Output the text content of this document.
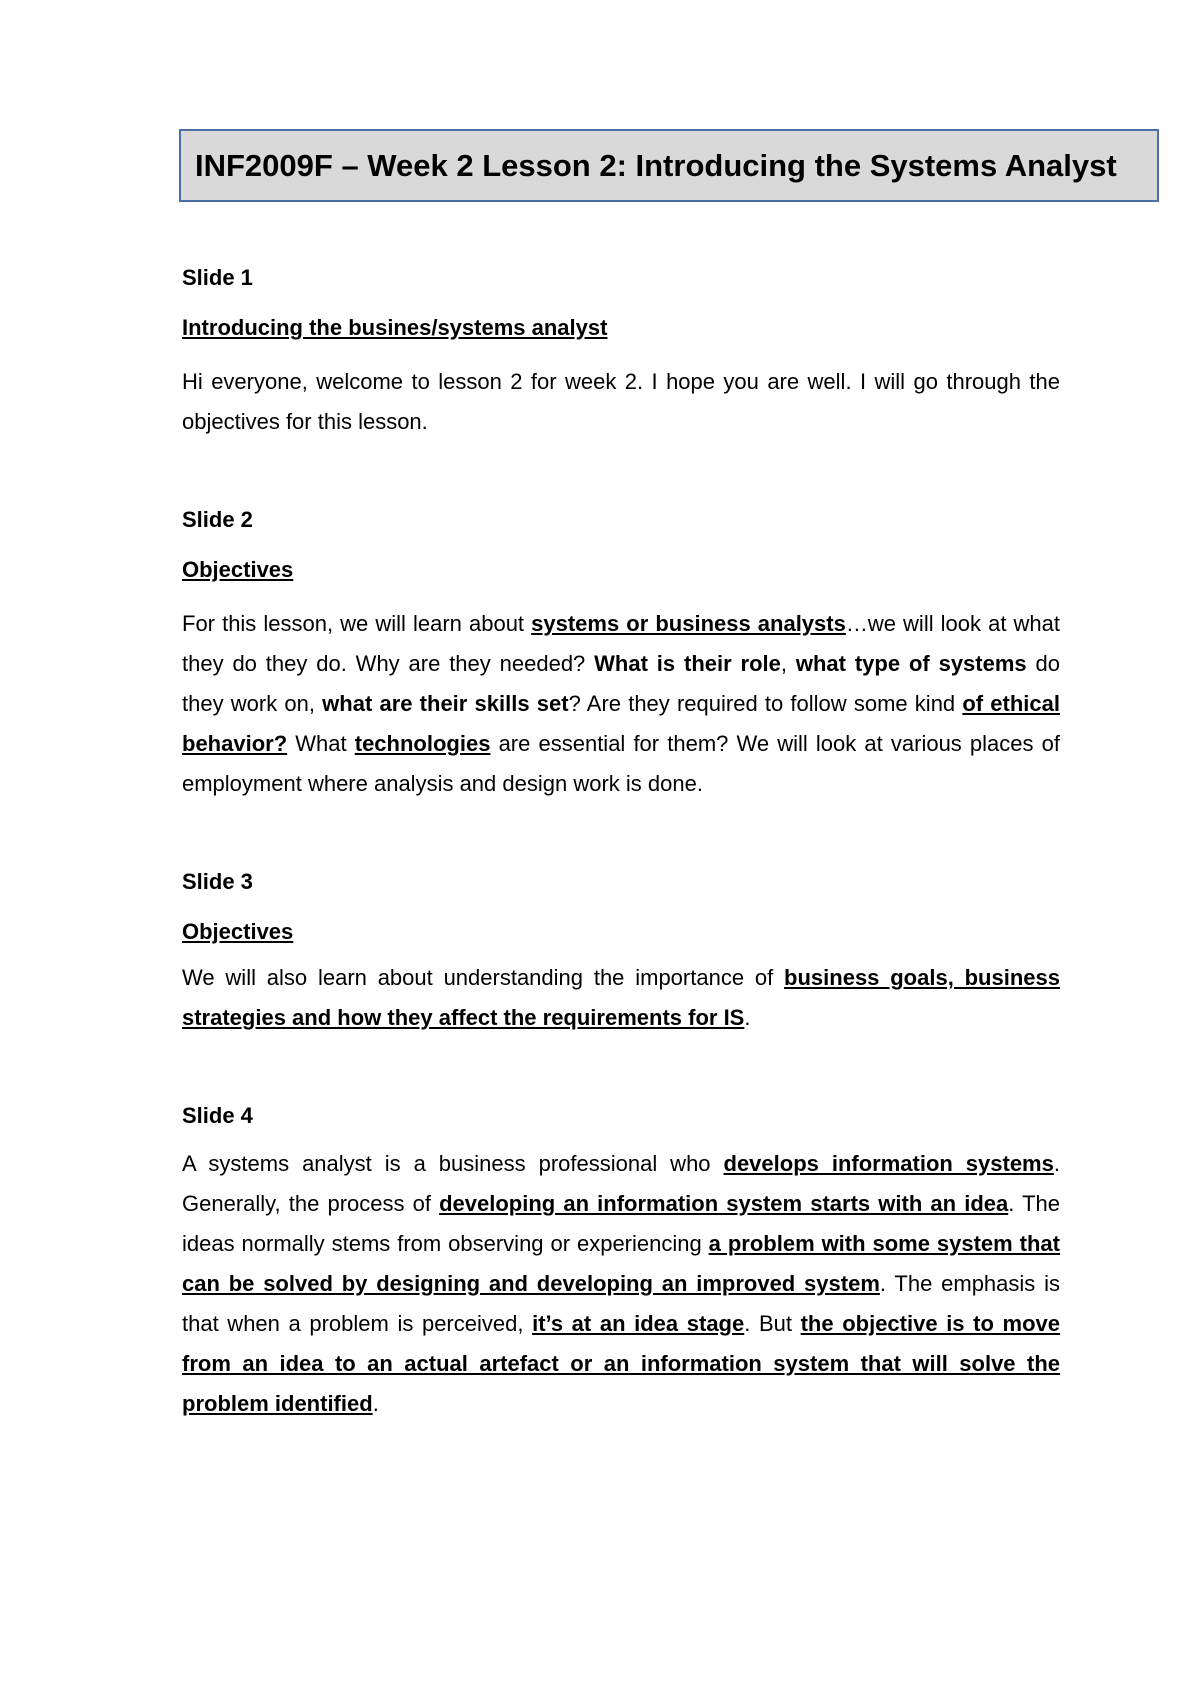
INF2009F – Week 2 Lesson 2: Introducing the Systems Analyst

Slide 1

Introducing the busines/systems analyst

Hi everyone, welcome to lesson 2 for week 2. I hope you are well. I will go through the objectives for this lesson.

Slide 2

Objectives

For this lesson, we will learn about systems or business analysts…we will look at what they do they do. Why are they needed? What is their role, what type of systems do they work on, what are their skills set? Are they required to follow some kind of ethical behavior? What technologies are essential for them? We will look at various places of employment where analysis and design work is done.

Slide 3

Objectives

We will also learn about understanding the importance of business goals, business strategies and how they affect the requirements for IS.

Slide 4

A systems analyst is a business professional who develops information systems. Generally, the process of developing an information system starts with an idea. The ideas normally stems from observing or experiencing a problem with some system that can be solved by designing and developing an improved system. The emphasis is that when a problem is perceived, it’s at an idea stage. But the objective is to move from an idea to an actual artefact or an information system that will solve the problem identified.
